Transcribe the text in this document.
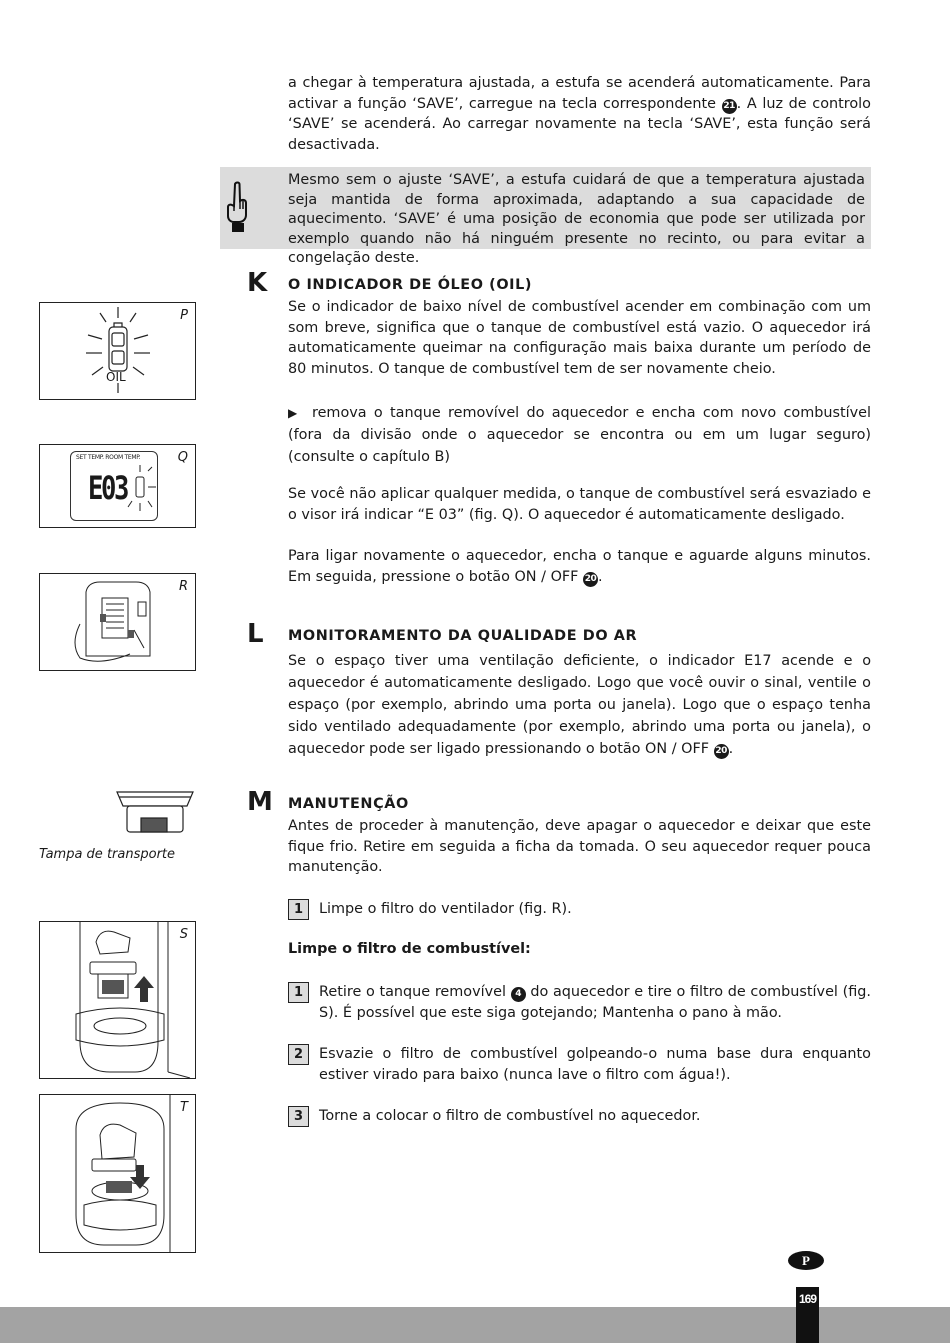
a chegar à temperatura ajustada, a estufa se acenderá automaticamente. Para activar a função ‘SAVE’, carregue na tecla correspondente 21 . A luz de controlo ‘SAVE’ se acenderá. Ao carregar novamente na tecla ‘SAVE’, esta função será desactivada.
Mesmo sem o ajuste ‘SAVE’, a estufa cuidará de que a temperatura ajustada seja mantida de forma aproximada, adaptando a sua capacidade de aquecimento. ‘SAVE’ é uma posição de economia que pode ser utilizada por exemplo quando não há ninguém presente no recinto, ou para evitar a congelação deste.
K O INDICADOR DE ÓLEO (OIL)
Se o indicador de baixo nível de combustível acender em combinação com um som breve, significa que o tanque de combustível está vazio. O aquecedor irá automaticamente queimar na configuração mais baixa durante um período de 80 minutos. O tanque de combustível tem de ser novamente cheio.
▶ remova o tanque removível do aquecedor e encha com novo combustível (fora da divisão onde o aquecedor se encontra ou em um lugar seguro) (consulte o capítulo B)
Se você não aplicar qualquer medida, o tanque de combustível será esvaziado e o visor irá indicar “E 03” (fig. Q). O aquecedor é automaticamente desligado.
Para ligar novamente o aquecedor, encha o tanque e aguarde alguns minutos. Em seguida, pressione o botão ON / OFF 20 .
L MONITORAMENTO DA QUALIDADE DO AR
Se o espaço tiver uma ventilação deficiente, o indicador E17 acende e o aquecedor é automaticamente desligado. Logo que você ouvir o sinal, ventile o espaço (por exemplo, abrindo uma porta ou janela). Logo que o espaço tenha sido ventilado adequadamente (por exemplo, abrindo uma porta ou janela), o aquecedor pode ser ligado pressionando o botão ON / OFF 20 .
M MANUTENÇÃO
Antes de proceder à manutenção, deve apagar o aquecedor e deixar que este fique frio. Retire em seguida a ficha da tomada. O seu aquecedor requer pouca manutenção.
1	Limpe o filtro do ventilador (fig. R).
Limpe o filtro de combustível:
1	Retire o tanque removível 4 do aquecedor e tire o filtro de combustível (fig. S). É possível que este siga gotejando; Mantenha o pano à mão.
2	Esvazie o filtro de combustível golpeando-o numa base dura enquanto estiver virado para baixo (nunca lave o filtro com água!).
3	Torne a colocar o filtro de combustível no aquecedor.
P
OIL
Q
SET TEMP. ROOM TEMP.
E03
R
Tampa de transporte
S
T
P
169
